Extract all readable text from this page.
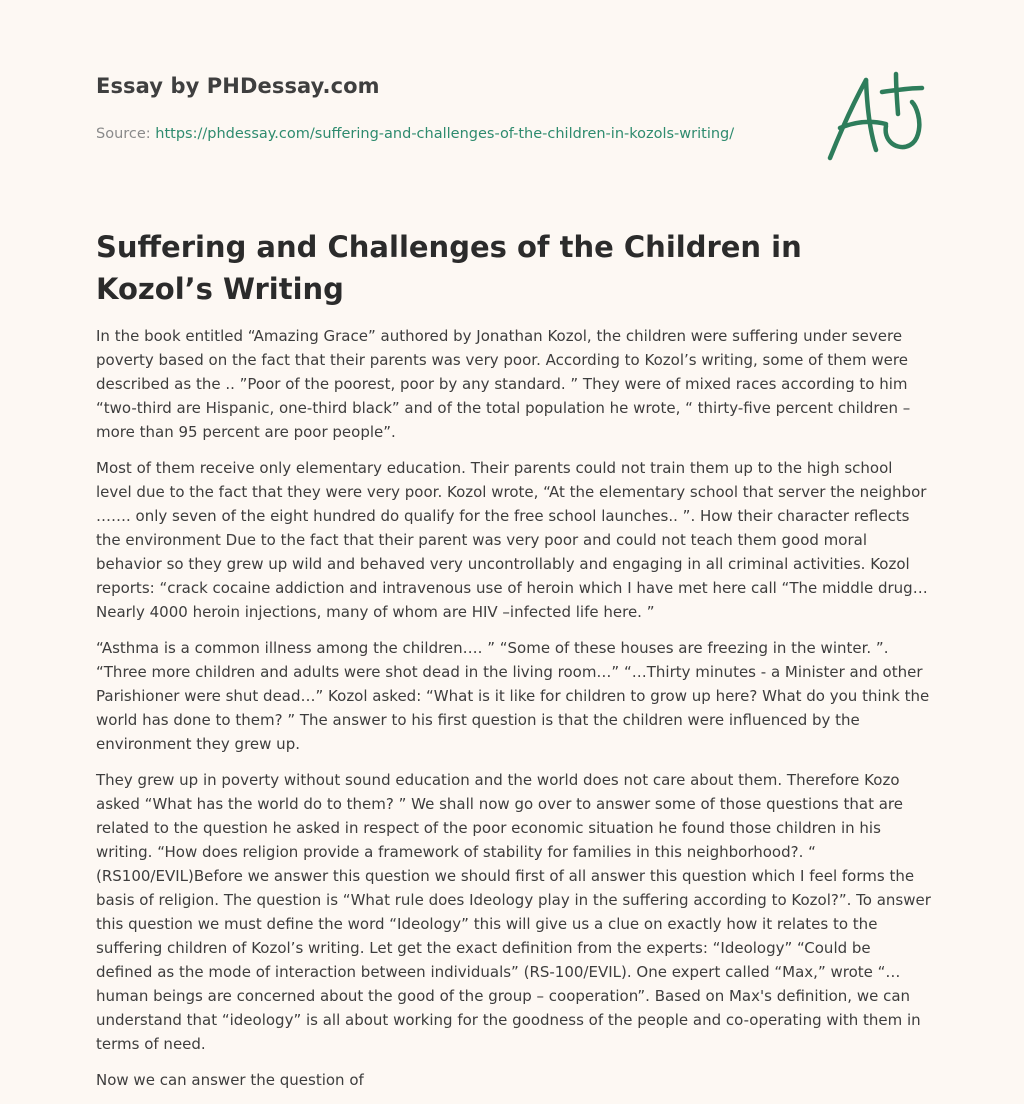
Essay by PHDessay.com
Source: https://phdessay.com/suffering-and-challenges-of-the-children-in-kozols-writing/
Suffering and Challenges of the Children in Kozol’s Writing

In the book entitled “Amazing Grace” authored by Jonathan Kozol, the children were suffering under severe poverty based on the fact that their parents was very poor. According to Kozol’s writing, some of them were described as the .. ”Poor of the poorest, poor by any standard. ” They were of mixed races according to him “two-third are Hispanic, one-third black” and of the total population he wrote, “ thirty-five percent children – more than 95 percent are poor people”.

Most of them receive only elementary education. Their parents could not train them up to the high school level due to the fact that they were very poor. Kozol wrote, “At the elementary school that server the neighbor ……. only seven of the eight hundred do qualify for the free school launches.. ”. How their character reflects the environment Due to the fact that their parent was very poor and could not teach them good moral behavior so they grew up wild and behaved very uncontrollably and engaging in all criminal activities. Kozol reports: “crack cocaine addiction and intravenous use of heroin which I have met here call “The middle drug…Nearly 4000 heroin injections, many of whom are HIV –infected life here. ”

“Asthma is a common illness among the children…. ” “Some of these houses are freezing in the winter. ”. “Three more children and adults were shot dead in the living room…” “…Thirty minutes - a Minister and other Parishioner were shut dead…” Kozol asked: “What is it like for children to grow up here? What do you think the world has done to them? ” The answer to his first question is that the children were influenced by the environment they grew up.

They grew up in poverty without sound education and the world does not care about them. Therefore Kozo asked “What has the world do to them? ” We shall now go over to answer some of those questions that are related to the question he asked in respect of the poor economic situation he found those children in his writing. “How does religion provide a framework of stability for families in this neighborhood?. “ (RS100/EVIL)Before we answer this question we should first of all answer this question which I feel forms the basis of religion. The question is “What rule does Ideology play in the suffering according to Kozol?”. To answer this question we must define the word “Ideology” this will give us a clue on exactly how it relates to the suffering children of Kozol’s writing. Let get the exact definition from the experts: “Ideology” “Could be defined as the mode of interaction between individuals” (RS-100/EVIL). One expert called “Max,” wrote “…human beings are concerned about the good of the group – cooperation”. Based on Max's definition, we can understand that “ideology” is all about working for the goodness of the people and co-operating with them in terms of need.

Now we can answer the question of
